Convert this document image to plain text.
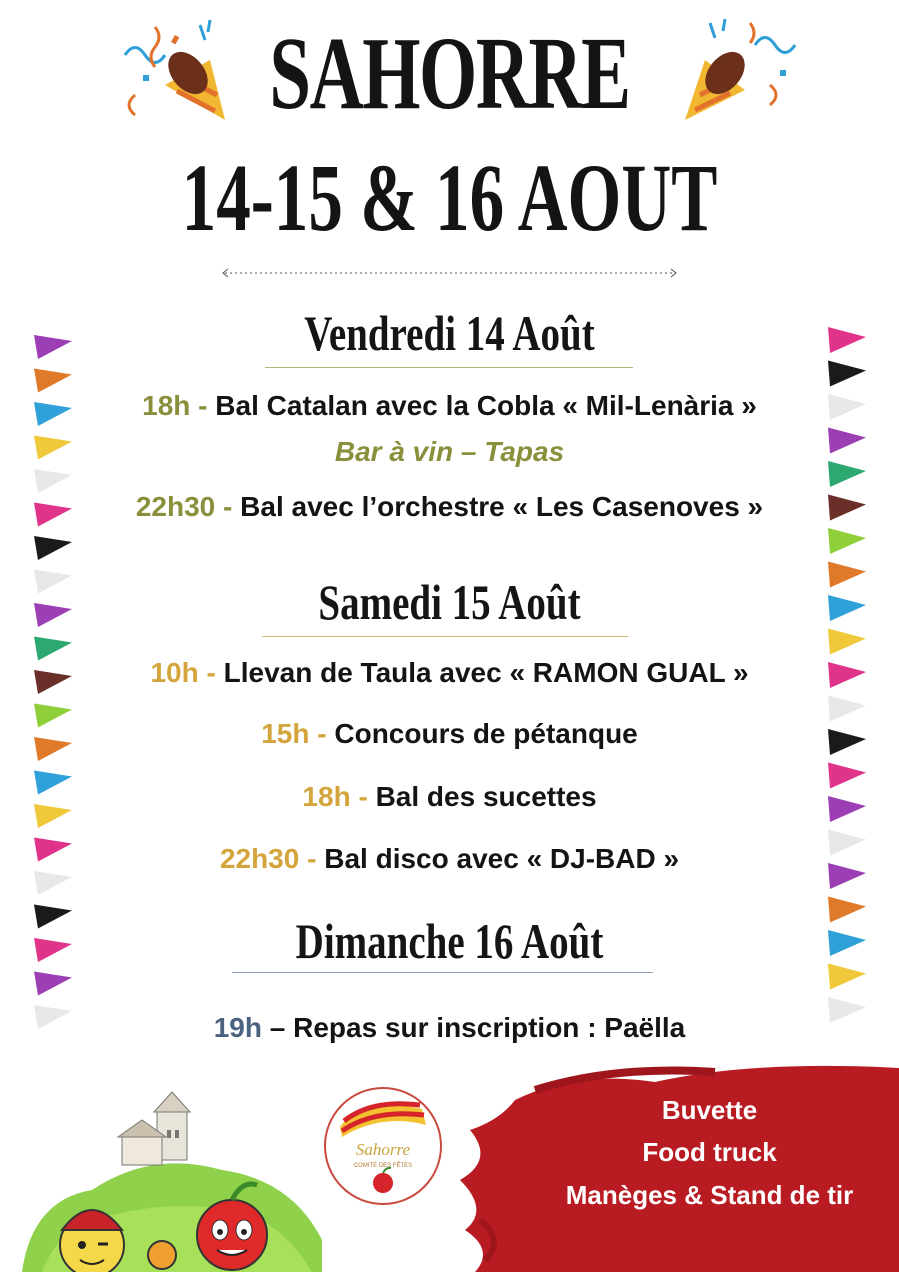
SAHORRE
14-15 & 16 AOUT
Vendredi 14 Août
18h - Bal Catalan avec la Cobla « Mil-Lenària »
Bar à vin – Tapas
22h30 - Bal avec l’orchestre « Les Casenoves »
Samedi 15 Août
10h - Llevan de Taula avec « RAMON GUAL »
15h - Concours de pétanque
18h - Bal des sucettes
22h30 - Bal disco avec « DJ-BAD »
Dimanche 16 Août
19h – Repas sur inscription : Paëlla
Sahorre
COMITÉ DES FÊTES
Buvette
Food truck
Manèges & Stand de tir
